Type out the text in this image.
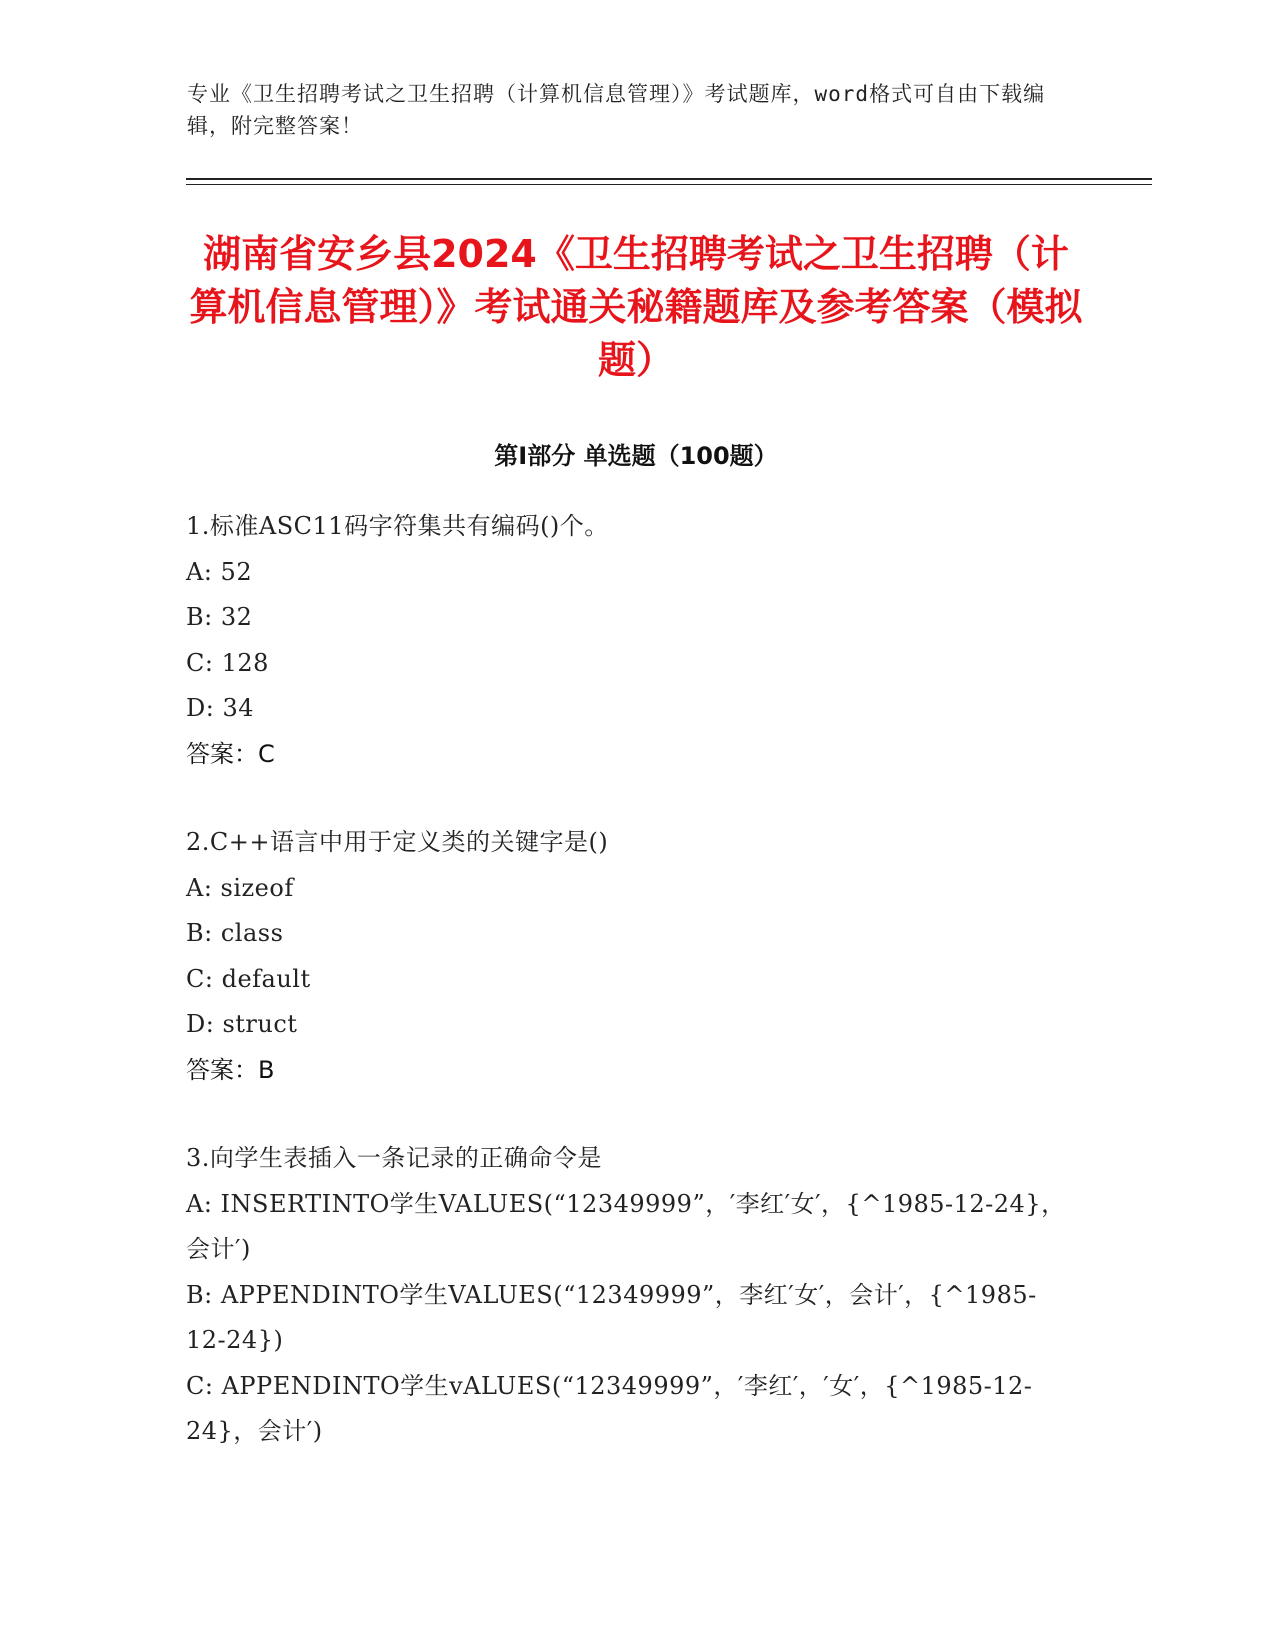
专业《卫生招聘考试之卫生招聘（计算机信息管理）》考试题库，word格式可自由下载编辑，附完整答案！
湖南省安乡县2024《卫生招聘考试之卫生招聘（计算机信息管理）》考试通关秘籍题库及参考答案（模拟题）
第Ⅰ部分 单选题（100题）
1.标准ASC11码字符集共有编码()个。
A: 52
B: 32
C: 128
D: 34
答案：C
2.C++语言中用于定义类的关键字是()
A: sizeof
B: class
C: default
D: struct
答案：B
3.向学生表插入一条记录的正确命令是
A: INSERTINTO学生VALUES(“12349999”，′李红′女′，{^1985-12-24}，会计′)
B: APPENDINTO学生VALUES(“12349999”，李红′女′，会计′，{^1985-12-24})
C: APPENDINTO学生vALUES(“12349999”，′李红′，′女′，{^1985-12-24}，会计′)
